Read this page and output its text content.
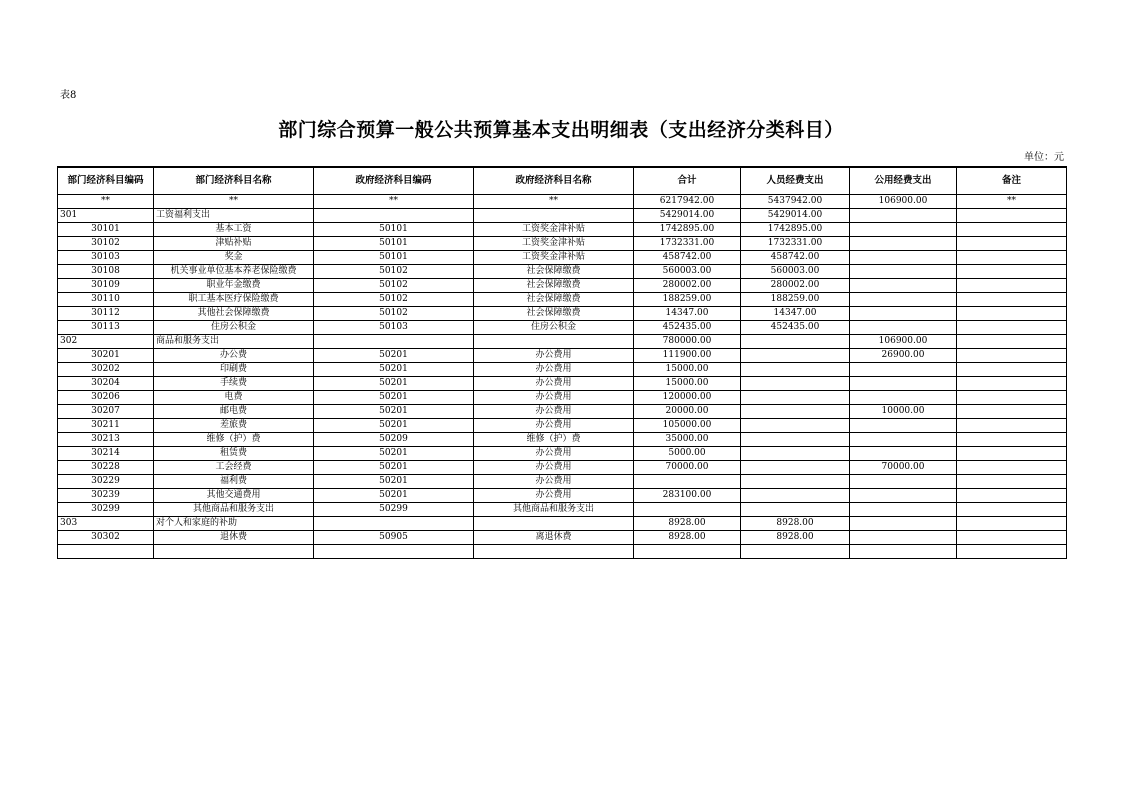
表8
部门综合预算一般公共预算基本支出明细表（支出经济分类科目）
单位：元
部门经济科目编码	部门经济科目名称	政府经济科目编码	政府经济科目名称	合计	人员经费支出	公用经费支出	备注
**	**	**	**	6217942.00	5437942.00	106900.00	**
301	工资福利支出			5429014.00	5429014.00		
30101	基本工资	50101	工资奖金津补贴	1742895.00	1742895.00		
30102	津贴补贴	50101	工资奖金津补贴	1732331.00	1732331.00		
30103	奖金	50101	工资奖金津补贴	458742.00	458742.00		
30108	机关事业单位基本养老保险缴费	50102	社会保障缴费	560003.00	560003.00		
30109	职业年金缴费	50102	社会保障缴费	280002.00	280002.00		
30110	职工基本医疗保险缴费	50102	社会保障缴费	188259.00	188259.00		
30112	其他社会保障缴费	50102	社会保障缴费	14347.00	14347.00		
30113	住房公积金	50103	住房公积金	452435.00	452435.00		
302	商品和服务支出			780000.00		106900.00	
30201	办公费	50201	办公费用	111900.00		26900.00	
30202	印刷费	50201	办公费用	15000.00			
30204	手续费	50201	办公费用	15000.00			
30206	电费	50201	办公费用	120000.00			
30207	邮电费	50201	办公费用	20000.00		10000.00	
30211	差旅费	50201	办公费用	105000.00			
30213	维修（护）费	50209	维修（护）费	35000.00			
30214	租赁费	50201	办公费用	5000.00			
30228	工会经费	50201	办公费用	70000.00		70000.00	
30229	福利费	50201	办公费用				
30239	其他交通费用	50201	办公费用	283100.00			
30299	其他商品和服务支出	50299	其他商品和服务支出				
303	对个人和家庭的补助			8928.00	8928.00		
30302	退休费	50905	离退休费	8928.00	8928.00		
